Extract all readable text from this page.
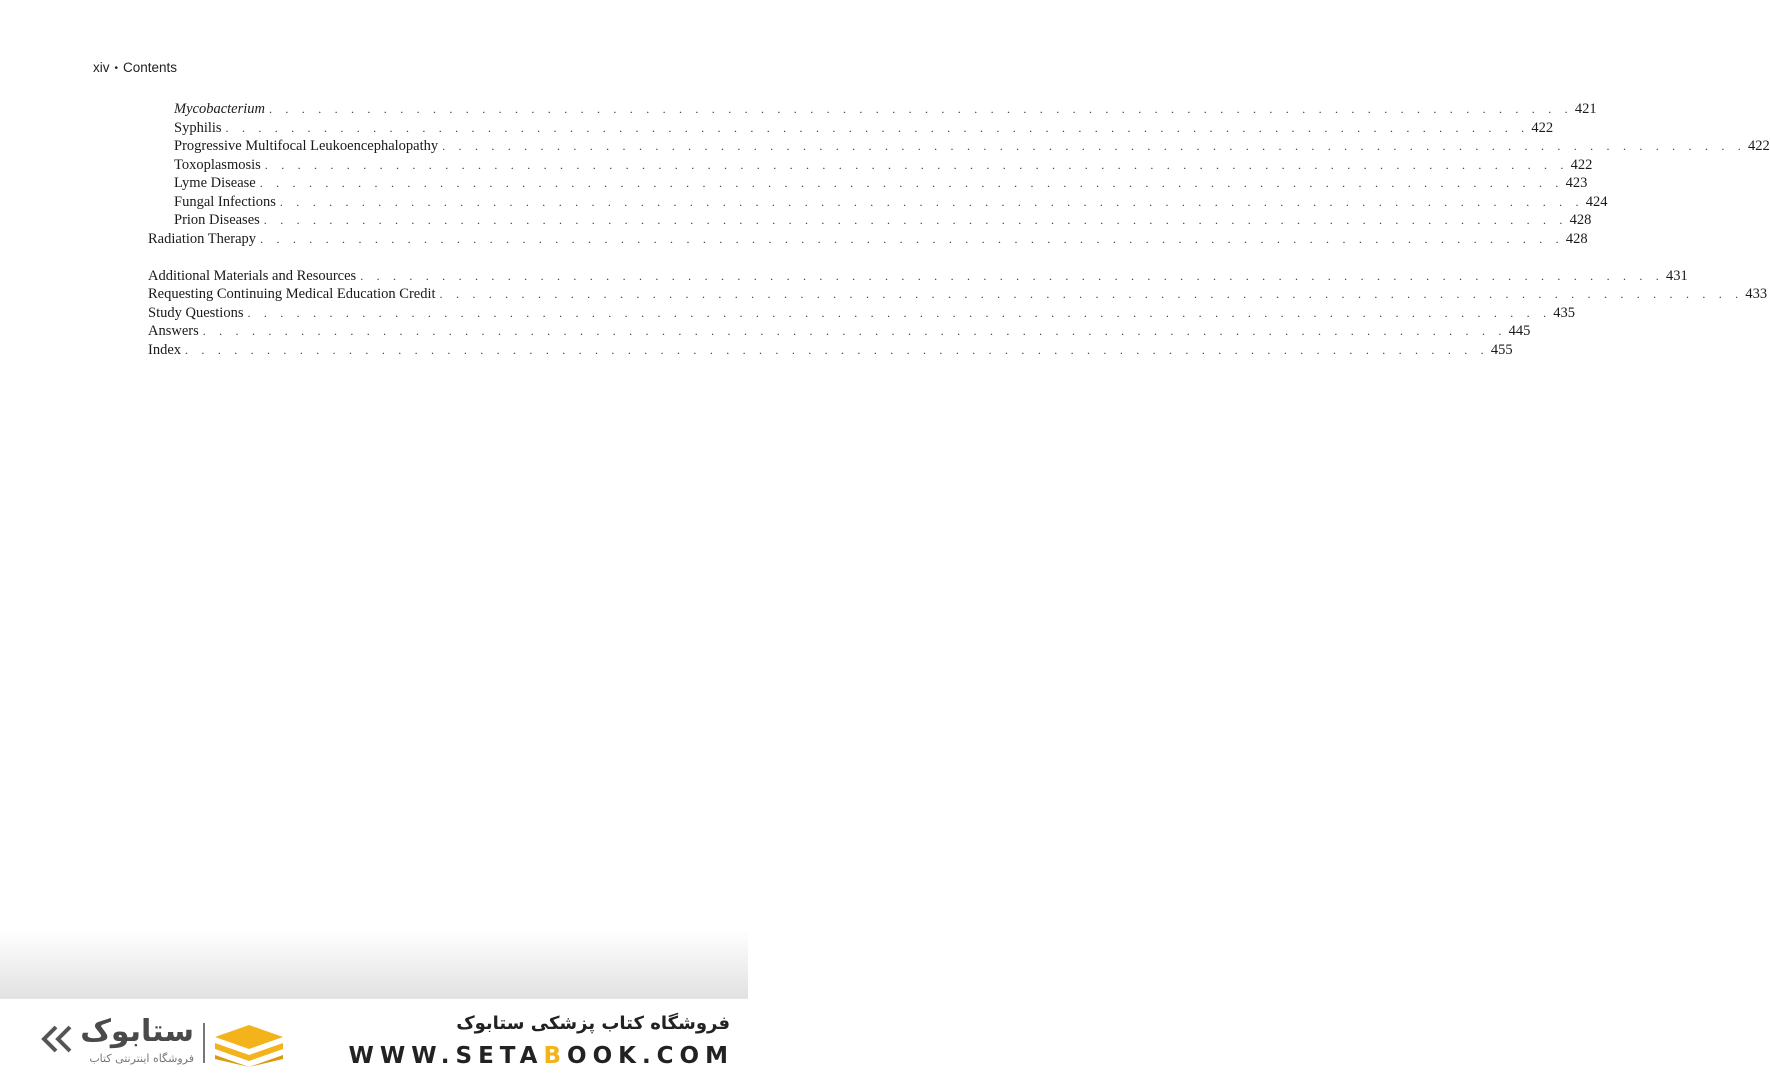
xiv • Contents
Mycobacterium . . . . . . . . . . . . . . . . . . . . . . . . . . . . . . . . . . . . . . . . . . . . . . . . . . . . . . . . . . . . . . . . . . . . . . . . . . . . . . . . 421
Syphilis . . . . . . . . . . . . . . . . . . . . . . . . . . . . . . . . . . . . . . . . . . . . . . . . . . . . . . . . . . . . . . . . . . . . . . . . . . . . . . . . 422
Progressive Multifocal Leukoencephalopathy . . . . . . . . . . . . . . . . . . . . . . . . . . . . . . . . . . . . . . . . . . . . . . . . . . . . . . . . . . . . . . . . . . . . . . . . . . . . . . . . 422
Toxoplasmosis . . . . . . . . . . . . . . . . . . . . . . . . . . . . . . . . . . . . . . . . . . . . . . . . . . . . . . . . . . . . . . . . . . . . . . . . . . . . . . . . 422
Lyme Disease . . . . . . . . . . . . . . . . . . . . . . . . . . . . . . . . . . . . . . . . . . . . . . . . . . . . . . . . . . . . . . . . . . . . . . . . . . . . . . . . 423
Fungal Infections . . . . . . . . . . . . . . . . . . . . . . . . . . . . . . . . . . . . . . . . . . . . . . . . . . . . . . . . . . . . . . . . . . . . . . . . . . . . . . . . 424
Prion Diseases . . . . . . . . . . . . . . . . . . . . . . . . . . . . . . . . . . . . . . . . . . . . . . . . . . . . . . . . . . . . . . . . . . . . . . . . . . . . . . . . 428
Radiation Therapy . . . . . . . . . . . . . . . . . . . . . . . . . . . . . . . . . . . . . . . . . . . . . . . . . . . . . . . . . . . . . . . . . . . . . . . . . . . . . . . . 428
Additional Materials and Resources . . . . . . . . . . . . . . . . . . . . . . . . . . . . . . . . . . . . . . . . . . . . . . . . . . . . . . . . . . . . . . . . . . . . . . . . . . . . . . . . 431
Requesting Continuing Medical Education Credit . . . . . . . . . . . . . . . . . . . . . . . . . . . . . . . . . . . . . . . . . . . . . . . . . . . . . . . . . . . . . . . . . . . . . . . . . . . . . . . . 433
Study Questions . . . . . . . . . . . . . . . . . . . . . . . . . . . . . . . . . . . . . . . . . . . . . . . . . . . . . . . . . . . . . . . . . . . . . . . . . . . . . . . . 435
Answers . . . . . . . . . . . . . . . . . . . . . . . . . . . . . . . . . . . . . . . . . . . . . . . . . . . . . . . . . . . . . . . . . . . . . . . . . . . . . . . . 445
Index . . . . . . . . . . . . . . . . . . . . . . . . . . . . . . . . . . . . . . . . . . . . . . . . . . . . . . . . . . . . . . . . . . . . . . . . . . . . . . . . 455
ستابوک
فروشگاه اینترنتی کتاب
فروشگاه کتاب پزشکی ستابوک
WWW.SETABOOK.COM
